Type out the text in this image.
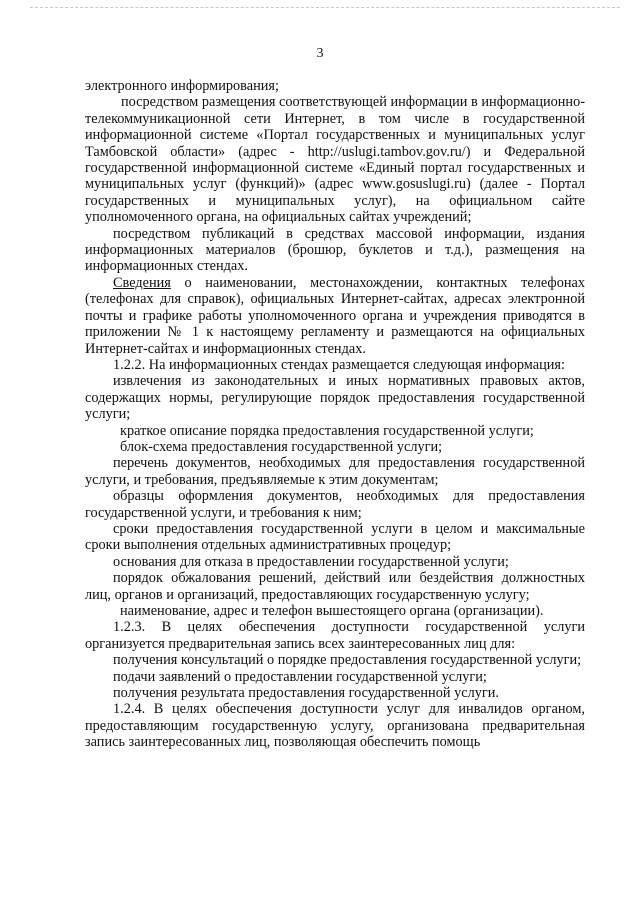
3

электронного информирования;

посредством размещения соответствующей информации в информационно-телекоммуникационной сети Интернет, в том числе в государственной информационной системе «Портал государственных и муниципальных услуг Тамбовской области» (адрес - http://uslugi.tambov.gov.ru/) и Федеральной государственной информационной системе «Единый портал государственных и муниципальных услуг (функций)» (адрес www.gosuslugi.ru) (далее - Портал государственных и муниципальных услуг), на официальном сайте уполномоченного органа, на официальных сайтах учреждений;

посредством публикаций в средствах массовой информации, издания информационных материалов (брошюр, буклетов и т.д.), размещения на информационных стендах.

Сведения о наименовании, местонахождении, контактных телефонах (телефонах для справок), официальных Интернет-сайтах, адресах электронной почты и графике работы уполномоченного органа и учреждения приводятся в приложении № 1 к настоящему регламенту и размещаются на официальных Интернет-сайтах и информационных стендах.

1.2.2. На информационных стендах размещается следующая информация:

извлечения из законодательных и иных нормативных правовых актов, содержащих нормы, регулирующие порядок предоставления государственной услуги;

краткое описание порядка предоставления государственной услуги;

блок-схема предоставления государственной услуги;

перечень документов, необходимых для предоставления государственной услуги, и требования, предъявляемые к этим документам;

образцы оформления документов, необходимых для предоставления государственной услуги, и требования к ним;

сроки предоставления государственной услуги в целом и максимальные сроки выполнения отдельных административных процедур;

основания для отказа в предоставлении государственной услуги;

порядок обжалования решений, действий или бездействия должностных лиц, органов и организаций, предоставляющих государственную услугу;

наименование, адрес и телефон вышестоящего органа (организации).

1.2.3. В целях обеспечения доступности государственной услуги организуется предварительная запись всех заинтересованных лиц для:

получения консультаций о порядке предоставления государственной услуги;

подачи заявлений о предоставлении государственной услуги;

получения результата предоставления государственной услуги.

1.2.4. В целях обеспечения доступности услуг для инвалидов органом, предоставляющим государственную услугу, организована предварительная запись заинтересованных лиц, позволяющая обеспечить помощь
